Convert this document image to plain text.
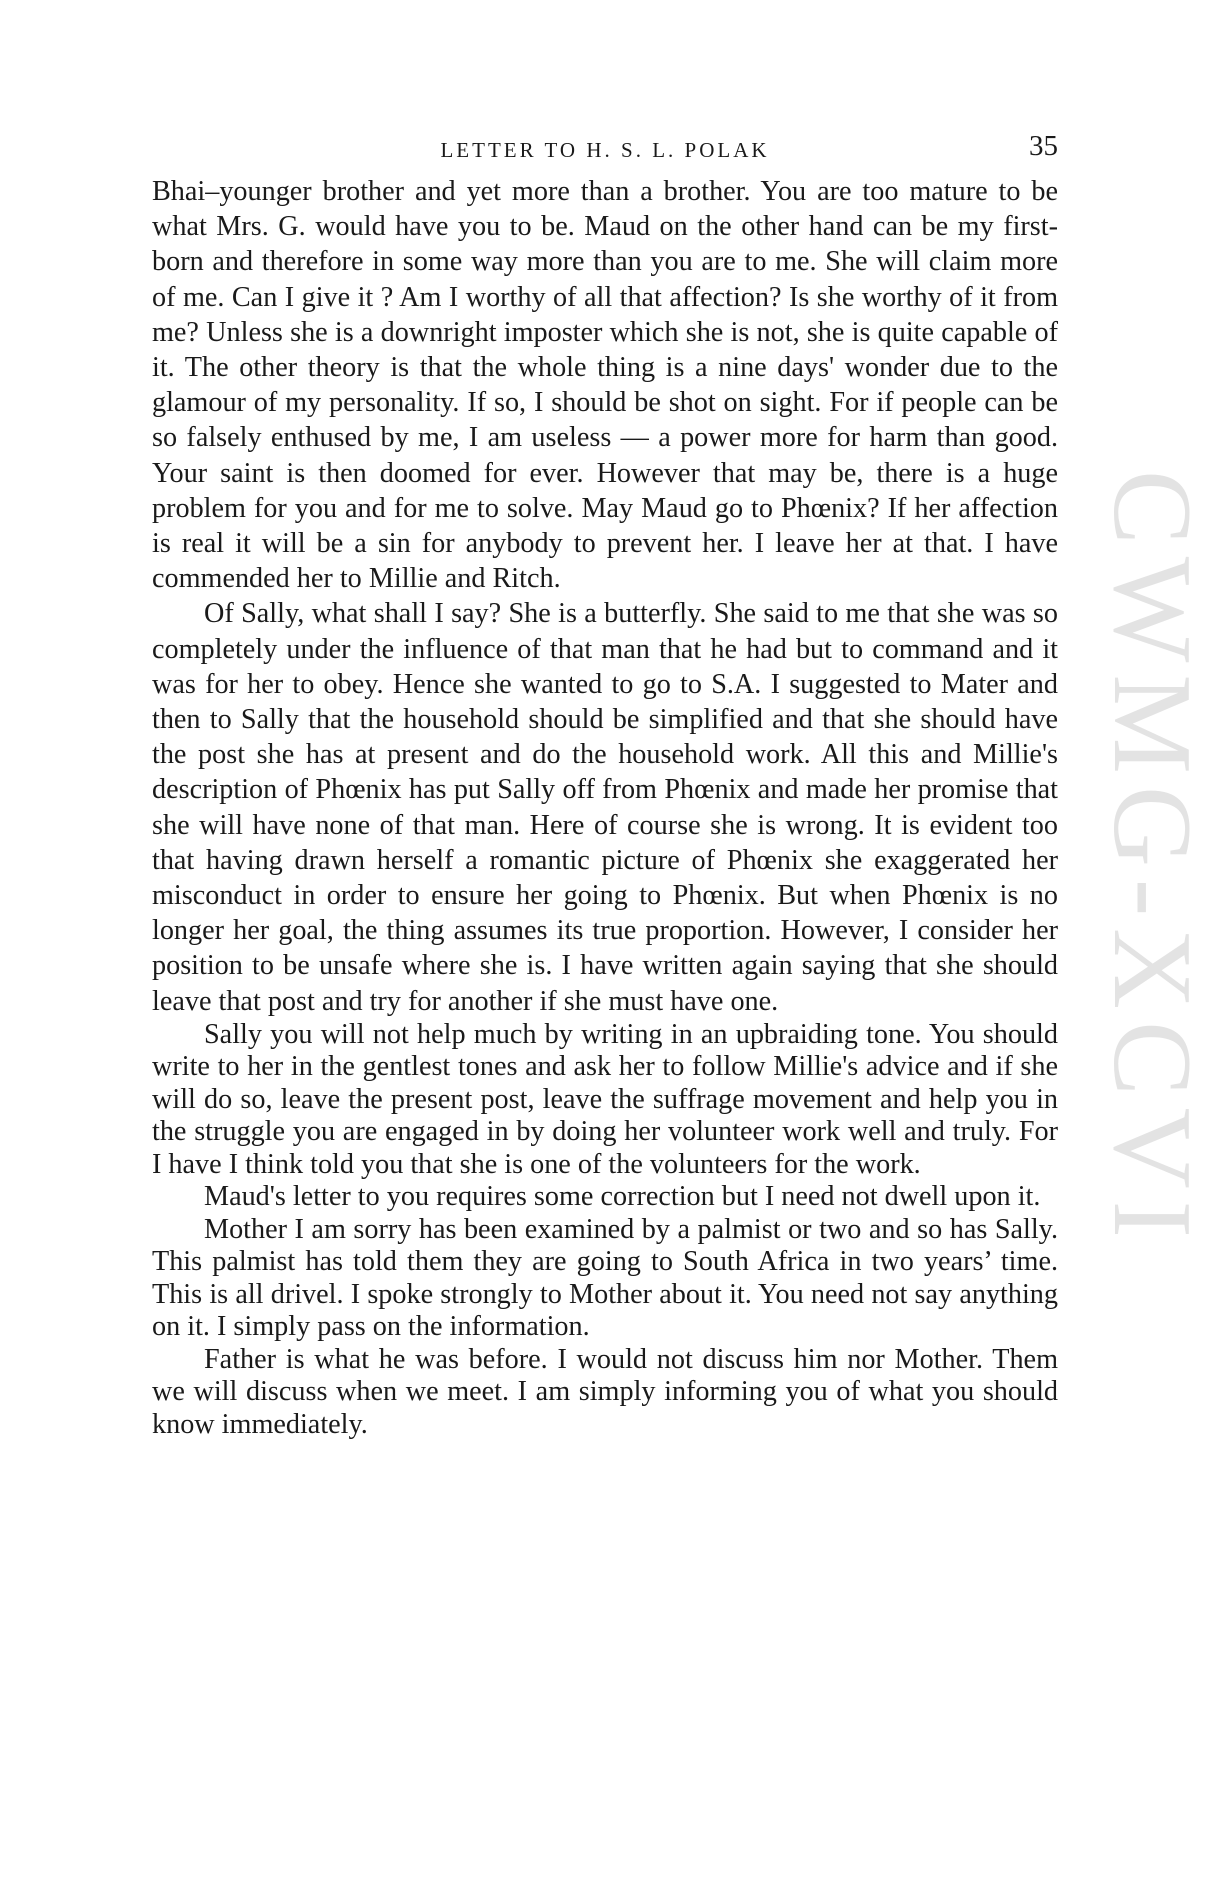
CWMG-XCVI
LETTER TO H. S. L. POLAK	35

Bhai–younger brother and yet more than a brother. You are too mature to be what Mrs. G. would have you to be. Maud on the other hand can be my first-born and therefore in some way more than you are to me. She will claim more of me. Can I give it ? Am I worthy of all that affection? Is she worthy of it from me? Unless she is a downright imposter which she is not, she is quite capable of it. The other theory is that the whole thing is a nine days' wonder due to the glamour of my personality. If so, I should be shot on sight. For if people can be so falsely enthused by me, I am useless — a power more for harm than good. Your saint is then doomed for ever. However that may be, there is a huge problem for you and for me to solve. May Maud go to Phœnix? If her affection is real it will be a sin for anybody to prevent her. I leave her at that. I have commended her to Millie and Ritch.

Of Sally, what shall I say? She is a butterfly. She said to me that she was so completely under the influence of that man that he had but to command and it was for her to obey. Hence she wanted to go to S.A. I suggested to Mater and then to Sally that the household should be simplified and that she should have the post she has at present and do the household work. All this and Millie's description of Phœnix has put Sally off from Phœnix and made her promise that she will have none of that man. Here of course she is wrong. It is evident too that having drawn herself a romantic picture of Phœnix she exaggerated her misconduct in order to ensure her going to Phœnix. But when Phœnix is no longer her goal, the thing assumes its true proportion. However, I consider her position to be unsafe where she is. I have written again saying that she should leave that post and try for another if she must have one.

Sally you will not help much by writing in an upbraiding tone. You should write to her in the gentlest tones and ask her to follow Millie's advice and if she will do so, leave the present post, leave the suffrage movement and help you in the struggle you are engaged in by doing her volunteer work well and truly. For I have I think told you that she is one of the volunteers for the work.

Maud's letter to you requires some correction but I need not dwell upon it.

Mother I am sorry has been examined by a palmist or two and so has Sally. This palmist has told them they are going to South Africa in two years’ time. This is all drivel. I spoke strongly to Mother about it. You need not say anything on it. I simply pass on the information.

Father is what he was before. I would not discuss him nor Mother. Them we will discuss when we meet. I am simply informing you of what you should know immediately.
